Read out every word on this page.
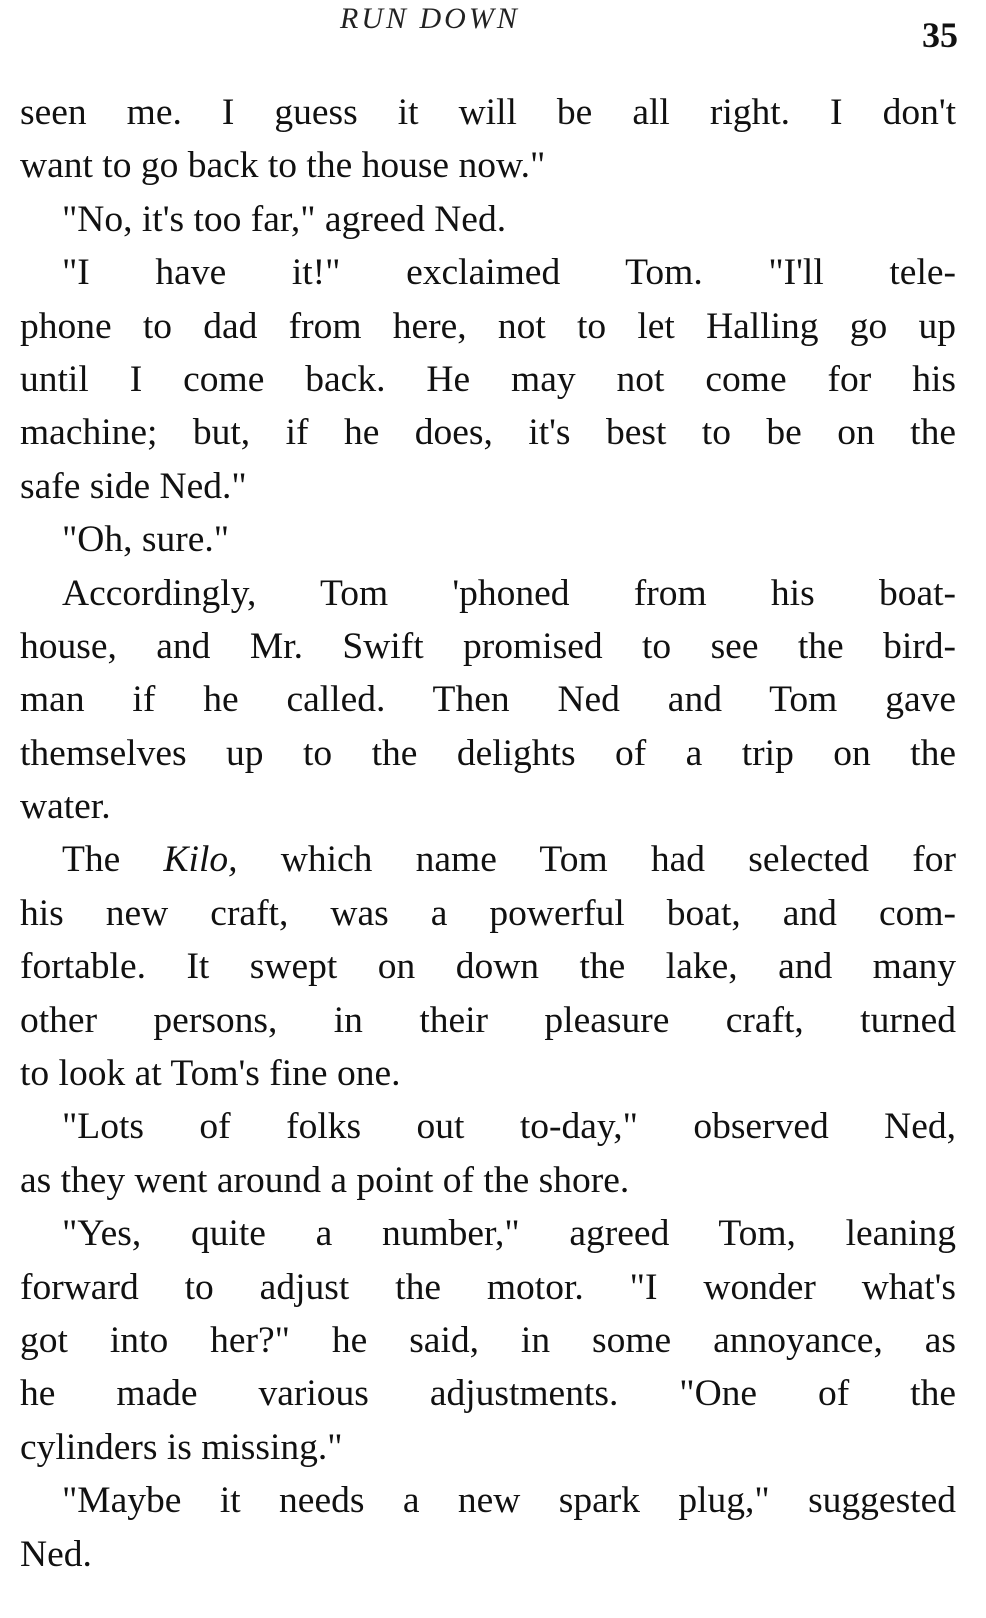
RUN DOWN	35
seen me. I guess it will be all right. I don't
want to go back to the house now."
"No, it's too far," agreed Ned.
"I have it!" exclaimed Tom. "I'll tele-
phone to dad from here, not to let Halling go up
until I come back. He may not come for his
machine; but, if he does, it's best to be on the
safe side Ned."
"Oh, sure."
Accordingly, Tom 'phoned from his boat-
house, and Mr. Swift promised to see the bird-
man if he called. Then Ned and Tom gave
themselves up to the delights of a trip on the
water.
The Kilo, which name Tom had selected for
his new craft, was a powerful boat, and com-
fortable. It swept on down the lake, and many
other persons, in their pleasure craft, turned
to look at Tom's fine one.
"Lots of folks out to-day," observed Ned,
as they went around a point of the shore.
"Yes, quite a number," agreed Tom, leaning
forward to adjust the motor. "I wonder what's
got into her?" he said, in some annoyance, as
he made various adjustments. "One of the
cylinders is missing."
"Maybe it needs a new spark plug," suggested
Ned.
